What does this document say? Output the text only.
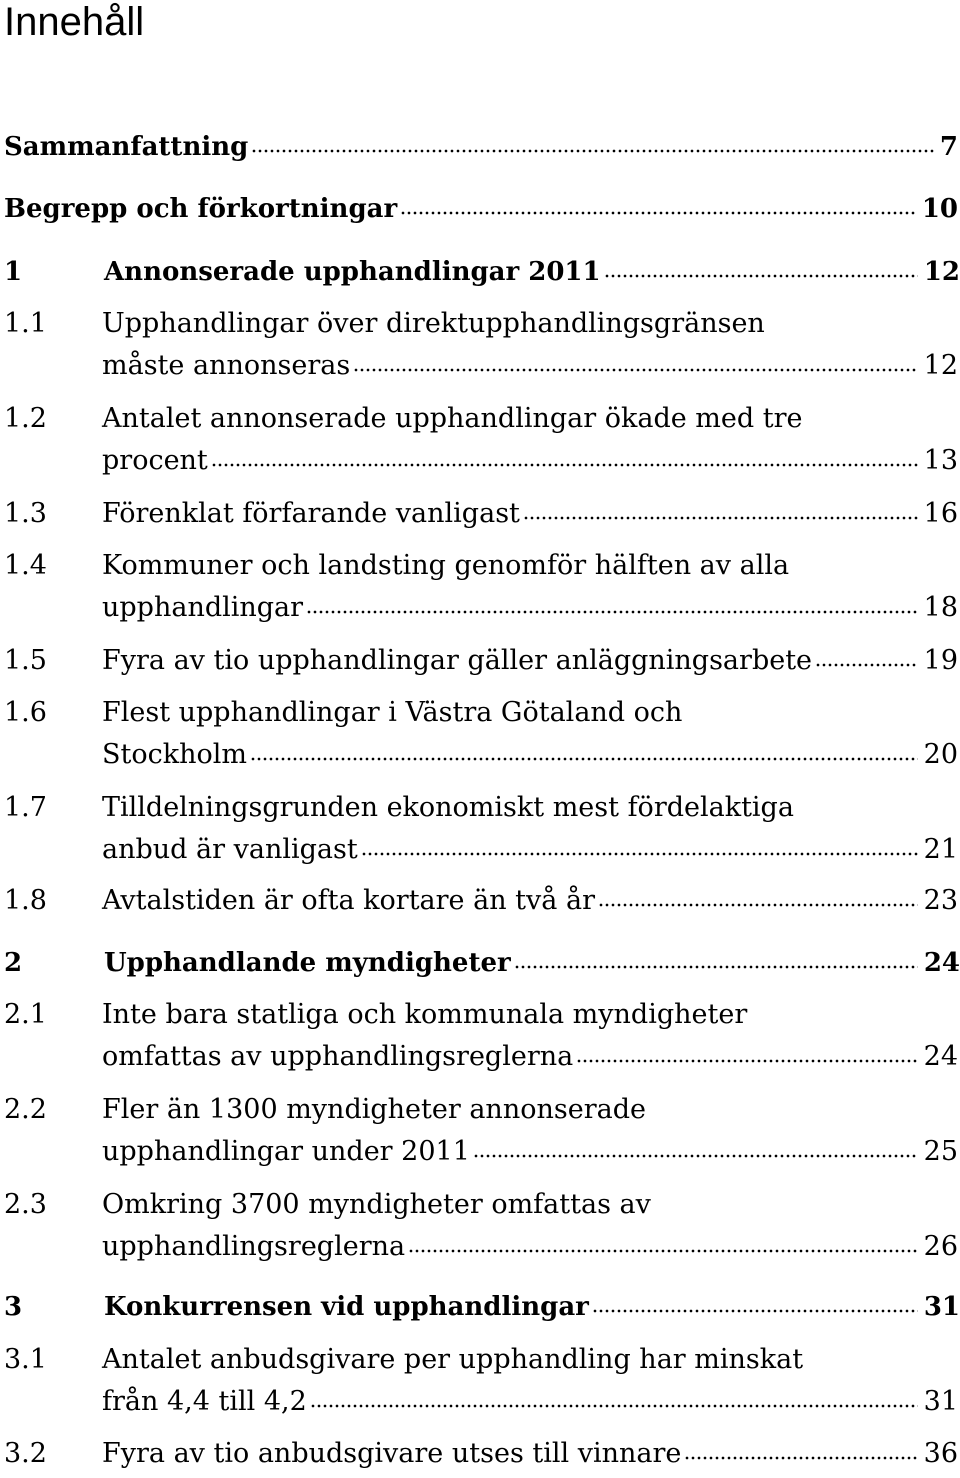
Innehåll
Sammanfattning	7
Begrepp och förkortningar	10
1	Annonserade upphandlingar 2011	12
1.1 Upphandlingar över direktupphandlingsgränsen
måste annonseras	12
1.2 Antalet annonserade upphandlingar ökade med tre
procent	13
1.3 Förenklat förfarande vanligast	16
1.4 Kommuner och landsting genomför hälften av alla
upphandlingar	18
1.5 Fyra av tio upphandlingar gäller anläggningsarbete	19
1.6 Flest upphandlingar i Västra Götaland och
Stockholm	20
1.7 Tilldelningsgrunden ekonomiskt mest fördelaktiga
anbud är vanligast	21
1.8 Avtalstiden är ofta kortare än två år	23
2	Upphandlande myndigheter	24
2.1 Inte bara statliga och kommunala myndigheter
omfattas av upphandlingsreglerna	24
2.2 Fler än 1300 myndigheter annonserade
upphandlingar under 2011	25
2.3 Omkring 3700 myndigheter omfattas av
upphandlingsreglerna	26
3	Konkurrensen vid upphandlingar	31
3.1 Antalet anbudsgivare per upphandling har minskat
från 4,4 till 4,2	31
3.2 Fyra av tio anbudsgivare utses till vinnare	36
